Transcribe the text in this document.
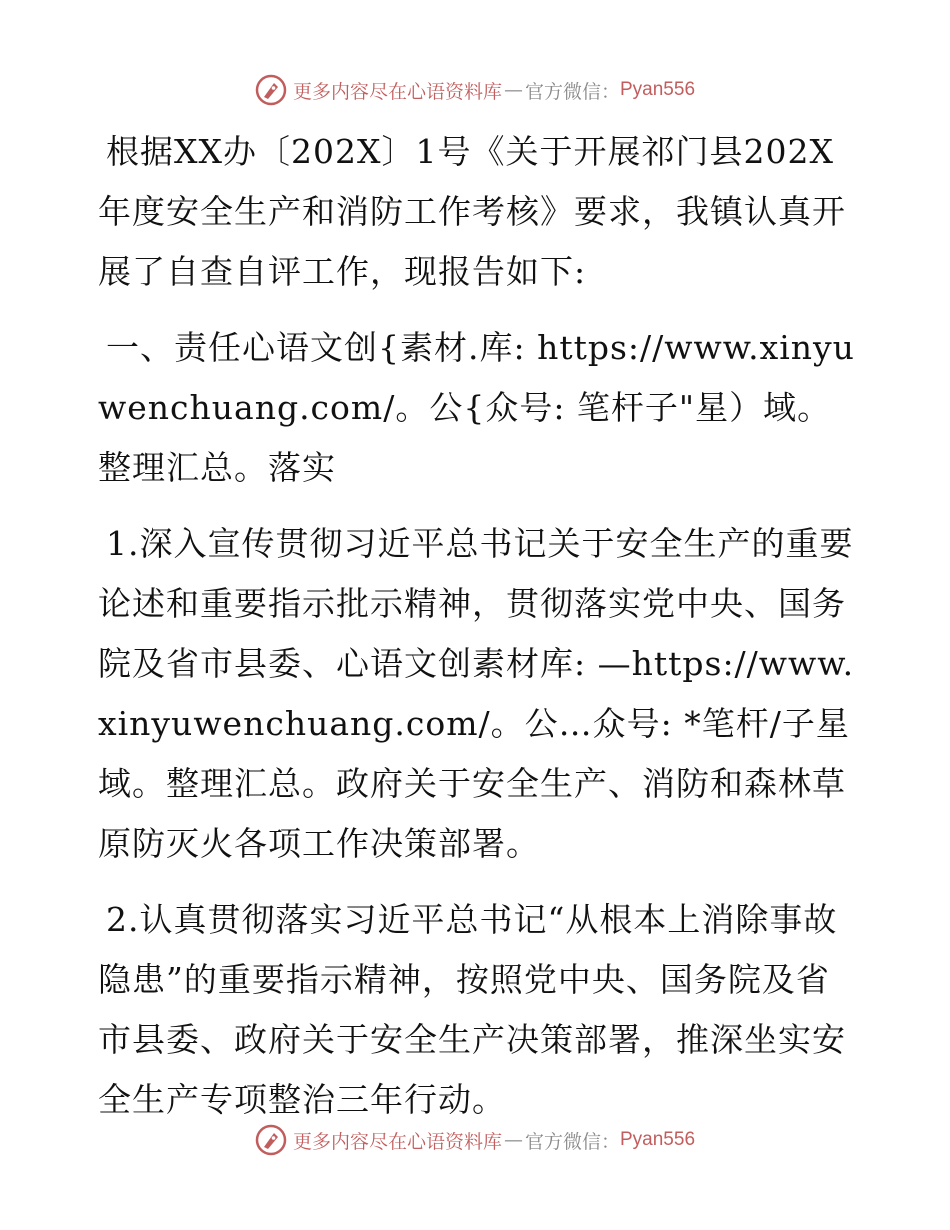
更多内容尽在心语资料库 — 官方微信： Pyan556

根据XX办〔202X〕1号《关于开展祁门县202X年度安全生产和消防工作考核》要求，我镇认真开展了自查自评工作，现报告如下:

一、责任心语文创{素材.库: https://www.xinyuwenchuang.com/。公{众号: 笔杆子"星）域。整理汇总。落实

1.深入宣传贯彻习近平总书记关于安全生产的重要论述和重要指示批示精神，贯彻落实党中央、国务院及省市县委、心语文创素材库: —https://www.xinyuwenchuang.com/。公…众号: *笔杆/子星域。整理汇总。政府关于安全生产、消防和森林草原防灭火各项工作决策部署。

2.认真贯彻落实习近平总书记“从根本上消除事故隐患”的重要指示精神，按照党中央、国务院及省市县委、政府关于安全生产决策部署，推深坐实安全生产专项整治三年行动。

更多内容尽在心语资料库 — 官方微信： Pyan556
